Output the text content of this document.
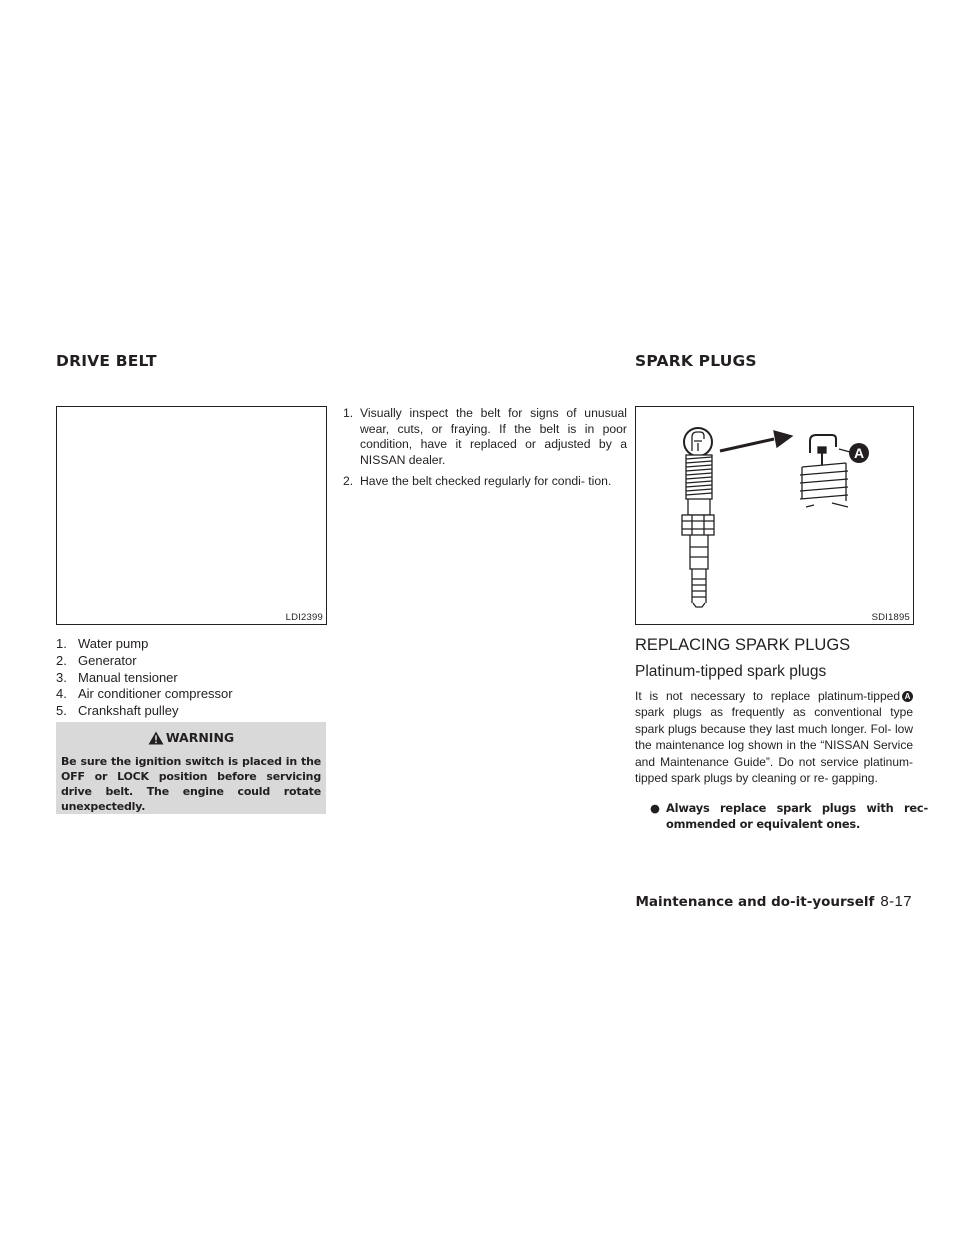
DRIVE BELT	SPARK PLUGS
LDI2399
1. Water pump
2. Generator
3. Manual tensioner
4. Air conditioner compressor
5. Crankshaft pulley
WARNING

Be sure the ignition switch is placed in the OFF or LOCK position before servicing drive belt. The engine could rotate unexpectedly.

1. Visually inspect the belt for signs of unusual wear, cuts, or fraying. If the belt is in poor condition, have it replaced or adjusted by a NISSAN dealer.
2. Have the belt checked regularly for condi- tion.
A
SDI1895
REPLACING SPARK PLUGS
Platinum-tipped spark plugs

It is not necessary to replace platinum-tipped A spark plugs as frequently as conventional type spark plugs because they last much longer. Fol- low the maintenance log shown in the “NISSAN Service and Maintenance Guide”. Do not service platinum-tipped spark plugs by cleaning or re- gapping.

● Always replace spark plugs with rec- ommended or equivalent ones.
Maintenance and do-it-yourself 8-17
